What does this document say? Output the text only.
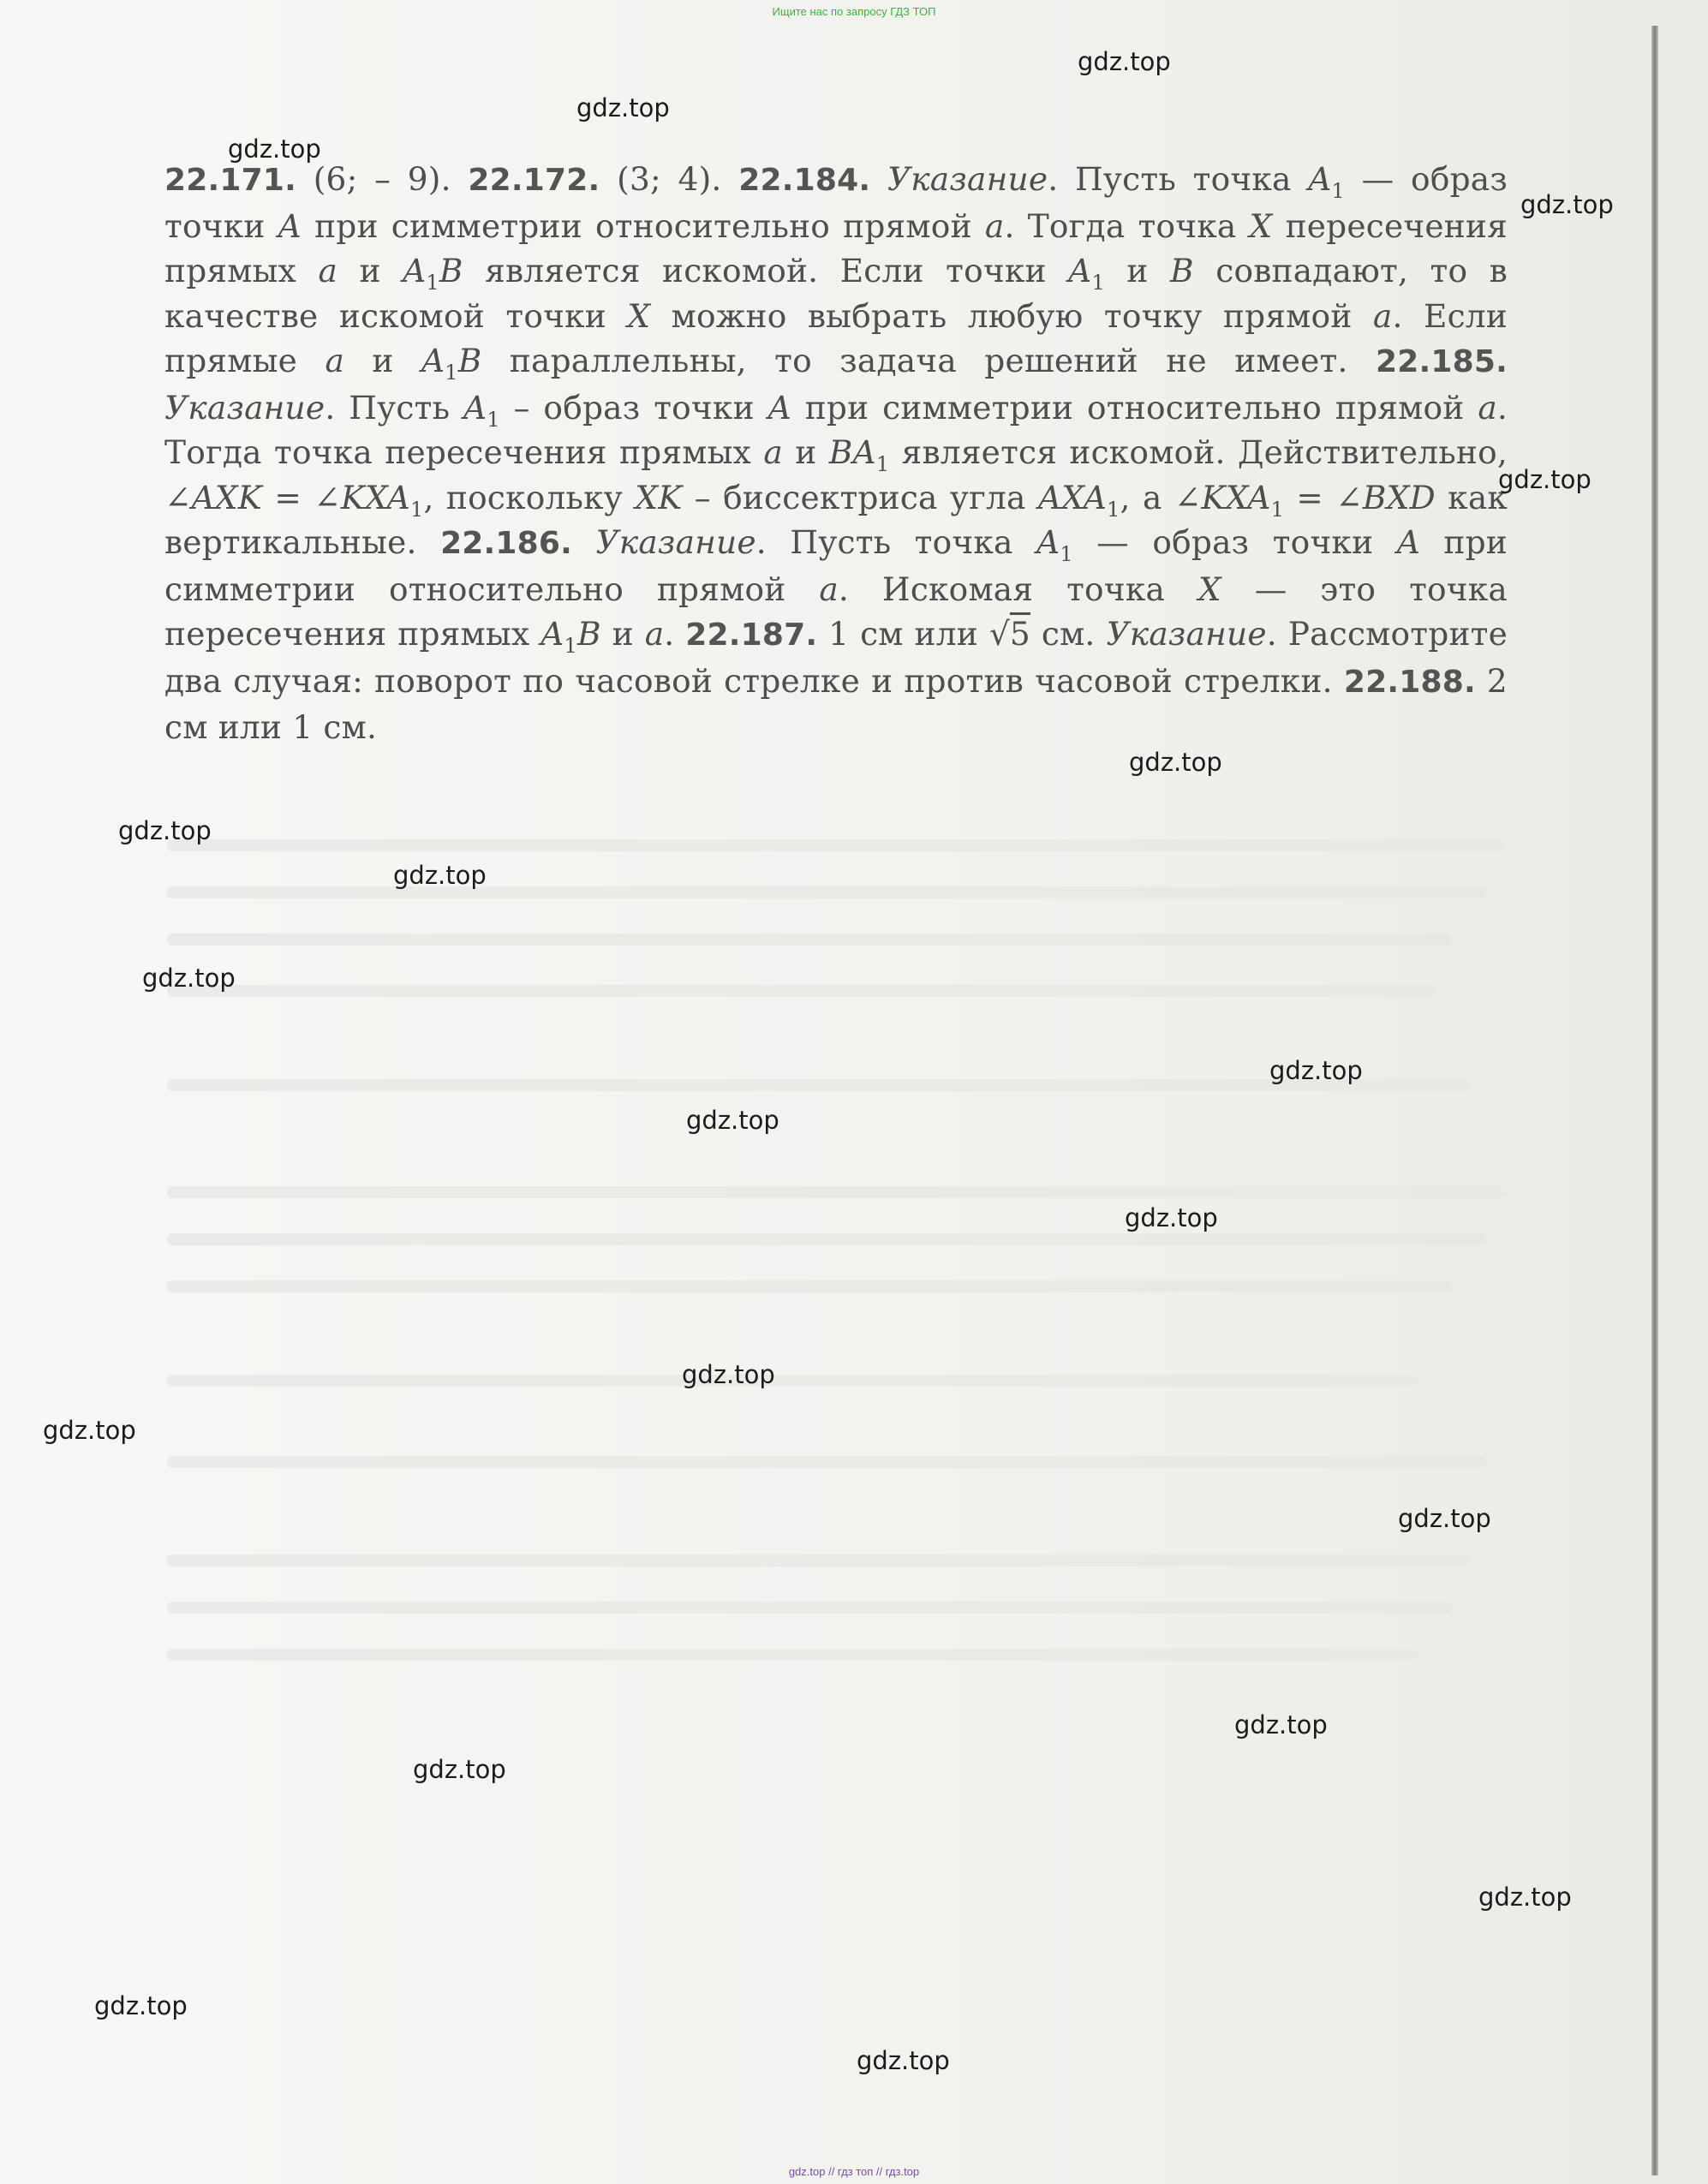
Ищите нас по запросу ГДЗ ТОП
22.171. (6; – 9). 22.172. (3; 4). 22.184. Указание. Пусть точка $A_1$ — образ точки A при симметрии относительно прямой a. Тогда точка X пересечения прямых a и $A_1B$ является искомой. Если точки $A_1$ и B совпадают, то в качестве искомой точки X можно выбрать любую точку прямой a. Если прямые a и $A_1B$ параллельны, то задача решений не имеет. 22.185. Указание. Пусть $A_1$ – образ точки A при симметрии относительно прямой a. Тогда точка пересечения прямых a и $BA_1$ является искомой. Действительно, ∠AXK = $\angle KXA_1$, поскольку XK – биссектриса угла $AXA_1$, а $\angle KXA_1$ = ∠BXD как вертикальные. 22.186. Указание. Пусть точка $A_1$ — образ точки A при симметрии относительно прямой a. Искомая точка X — это точка пересечения прямых $A_1B$ и a. 22.187. 1 см или √5 см. Указание. Рассмотрите два случая: поворот по часовой стрелке и против часовой стрелки. 22.188. 2 см или 1 см.
gdz.top
gdz.top
gdz.top
gdz.top
gdz.top
gdz.top
gdz.top
gdz.top
gdz.top
gdz.top
gdz.top
gdz.top
gdz.top
gdz.top
gdz.top
gdz.top
gdz.top
gdz.top
gdz.top
gdz.top
gdz.top // гдз топ // гдз.top
